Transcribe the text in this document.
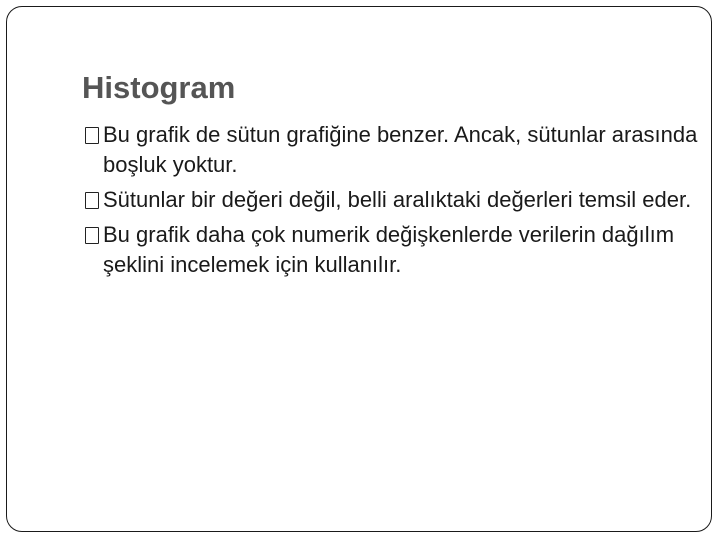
Histogram
Bu grafik de sütun grafiğine benzer. Ancak, sütunlar arasında boşluk yoktur.
Sütunlar bir değeri değil, belli aralıktaki değerleri temsil eder.
Bu grafik daha çok numerik değişkenlerde verilerin dağılım şeklini incelemek için kullanılır.
